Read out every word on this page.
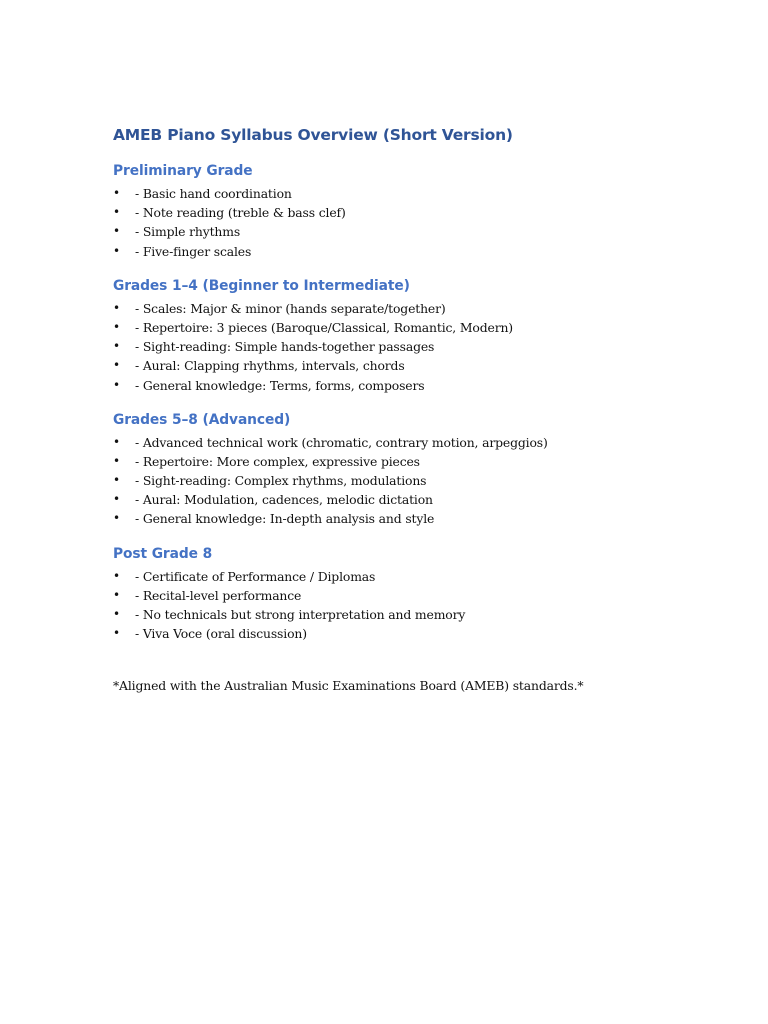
AMEB Piano Syllabus Overview (Short Version)
Preliminary Grade
• - Basic hand coordination
• - Note reading (treble & bass clef)
• - Simple rhythms
• - Five-finger scales
Grades 1–4 (Beginner to Intermediate)
• - Scales: Major & minor (hands separate/together)
• - Repertoire: 3 pieces (Baroque/Classical, Romantic, Modern)
• - Sight-reading: Simple hands-together passages
• - Aural: Clapping rhythms, intervals, chords
• - General knowledge: Terms, forms, composers
Grades 5–8 (Advanced)
• - Advanced technical work (chromatic, contrary motion, arpeggios)
• - Repertoire: More complex, expressive pieces
• - Sight-reading: Complex rhythms, modulations
• - Aural: Modulation, cadences, melodic dictation
• - General knowledge: In-depth analysis and style
Post Grade 8
• - Certificate of Performance / Diplomas
• - Recital-level performance
• - No technicals but strong interpretation and memory
• - Viva Voce (oral discussion)

*Aligned with the Australian Music Examinations Board (AMEB) standards.*
